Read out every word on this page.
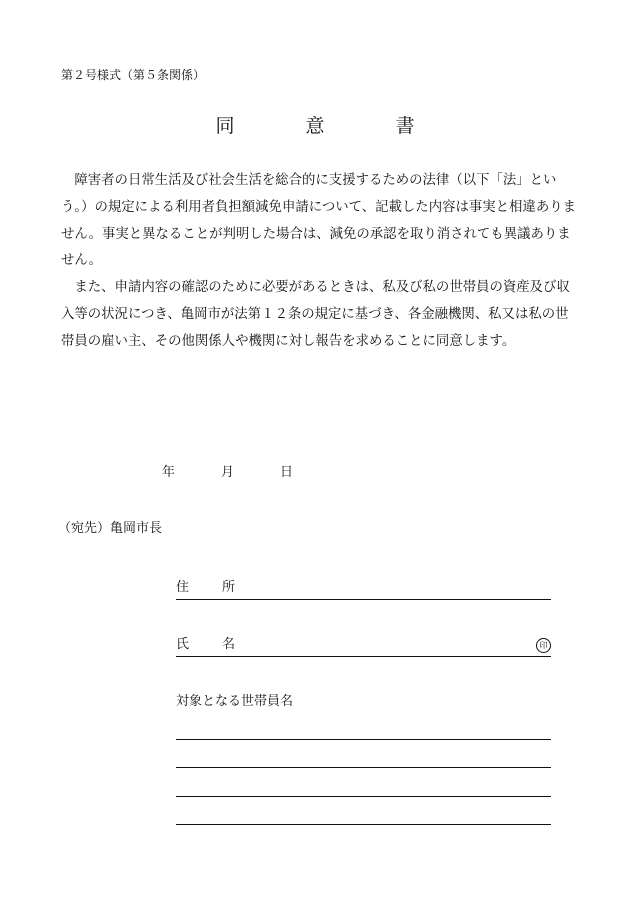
第２号様式（第５条関係）
同　意　書

障害者の日常生活及び社会生活を総合的に支援するための法律（以下「法」という。）の規定による利用者負担額減免申請について、記載した内容は事実と相違ありません。事実と異なることが判明した場合は、減免の承認を取り消されても異議ありません。

また、申請内容の確認のために必要があるときは、私及び私の世帯員の資産及び収入等の状況につき、亀岡市が法第１２条の規定に基づき、各金融機関、私又は私の世帯員の雇い主、その他関係人や機関に対し報告を求めることに同意します。

年	月	日
（宛先）亀岡市長
住	所
氏	名	印
対象となる世帯員名
